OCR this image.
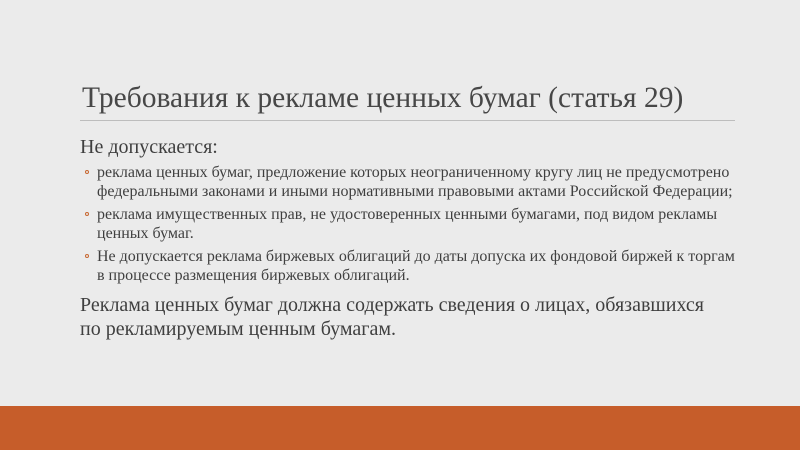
Требования к рекламе ценных бумаг (статья 29)

Не допускается:

реклама ценных бумаг, предложение которых неограниченному кругу лиц не предусмотрено федеральными законами и иными нормативными правовыми актами Российской Федерации;
реклама имущественных прав, не удостоверенных ценными бумагами, под видом рекламы ценных бумаг.
Не допускается реклама биржевых облигаций до даты допуска их фондовой биржей к торгам в процессе размещения биржевых облигаций.

Реклама ценных бумаг должна содержать сведения о лицах, обязавшихся по рекламируемым ценным бумагам.
